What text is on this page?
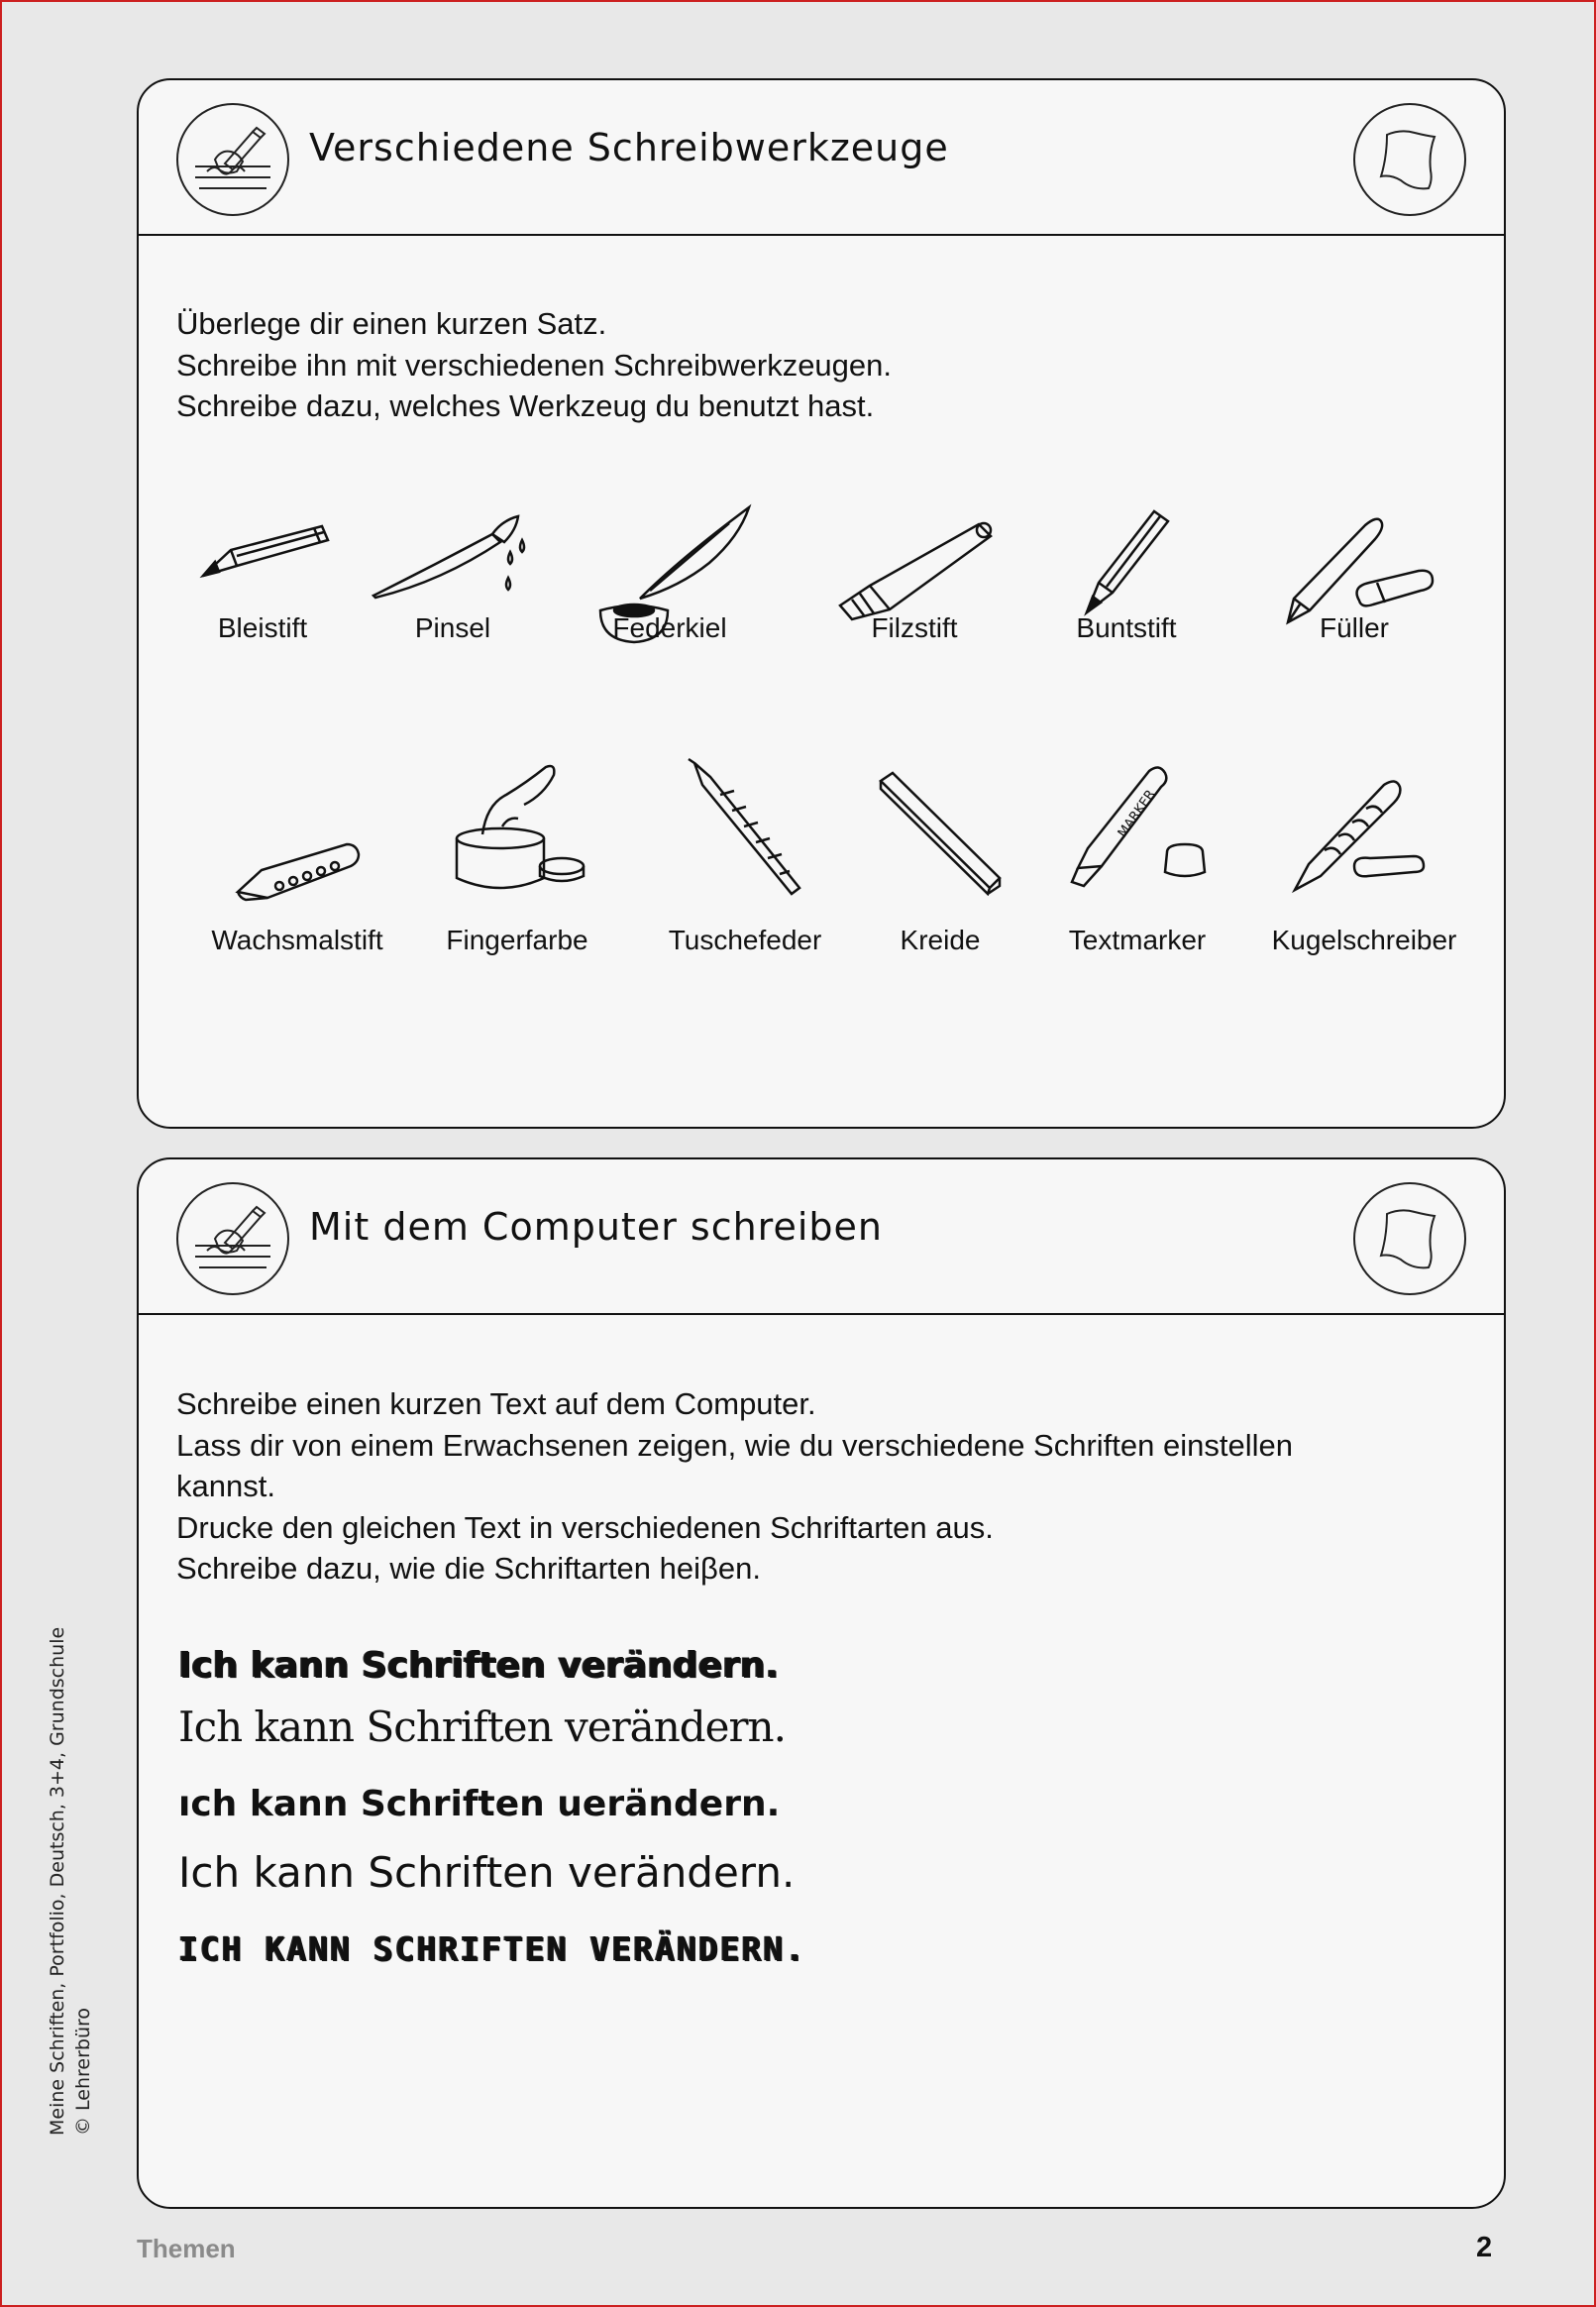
Verschiedene Schreibwerkzeuge

Überlege dir einen kurzen Satz.

Schreibe ihn mit verschiedenen Schreibwerkzeugen.

Schreibe dazu, welches Werkzeug du benutzt hast.

Bleistift	Pinsel	Federkiel	Filzstift	Buntstift	Füller
Wachsmalstift	Fingerfarbe	Tuschefeder	Kreide
MARKER
Textmarker	Kugelschreiber
Mit dem Computer schreiben

Schreibe einen kurzen Text auf dem Computer.

Lass dir von einem Erwachsenen zeigen, wie du verschiedene Schriften einstellen

kannst.

Drucke den gleichen Text in verschiedenen Schriftarten aus.

Schreibe dazu, wie die Schriftarten heiβen.

Ich kann Schriften verändern.
Ich kann Schriften verändern.
ıch kann Schriften uerändern.
Ich kann Schriften verändern.
ICH KANN SCHRIFTEN VERÄNDERN.

Meine Schriften, Portfolio, Deutsch, 3+4, Grundschule © Lehrerbüro

Themen	2
